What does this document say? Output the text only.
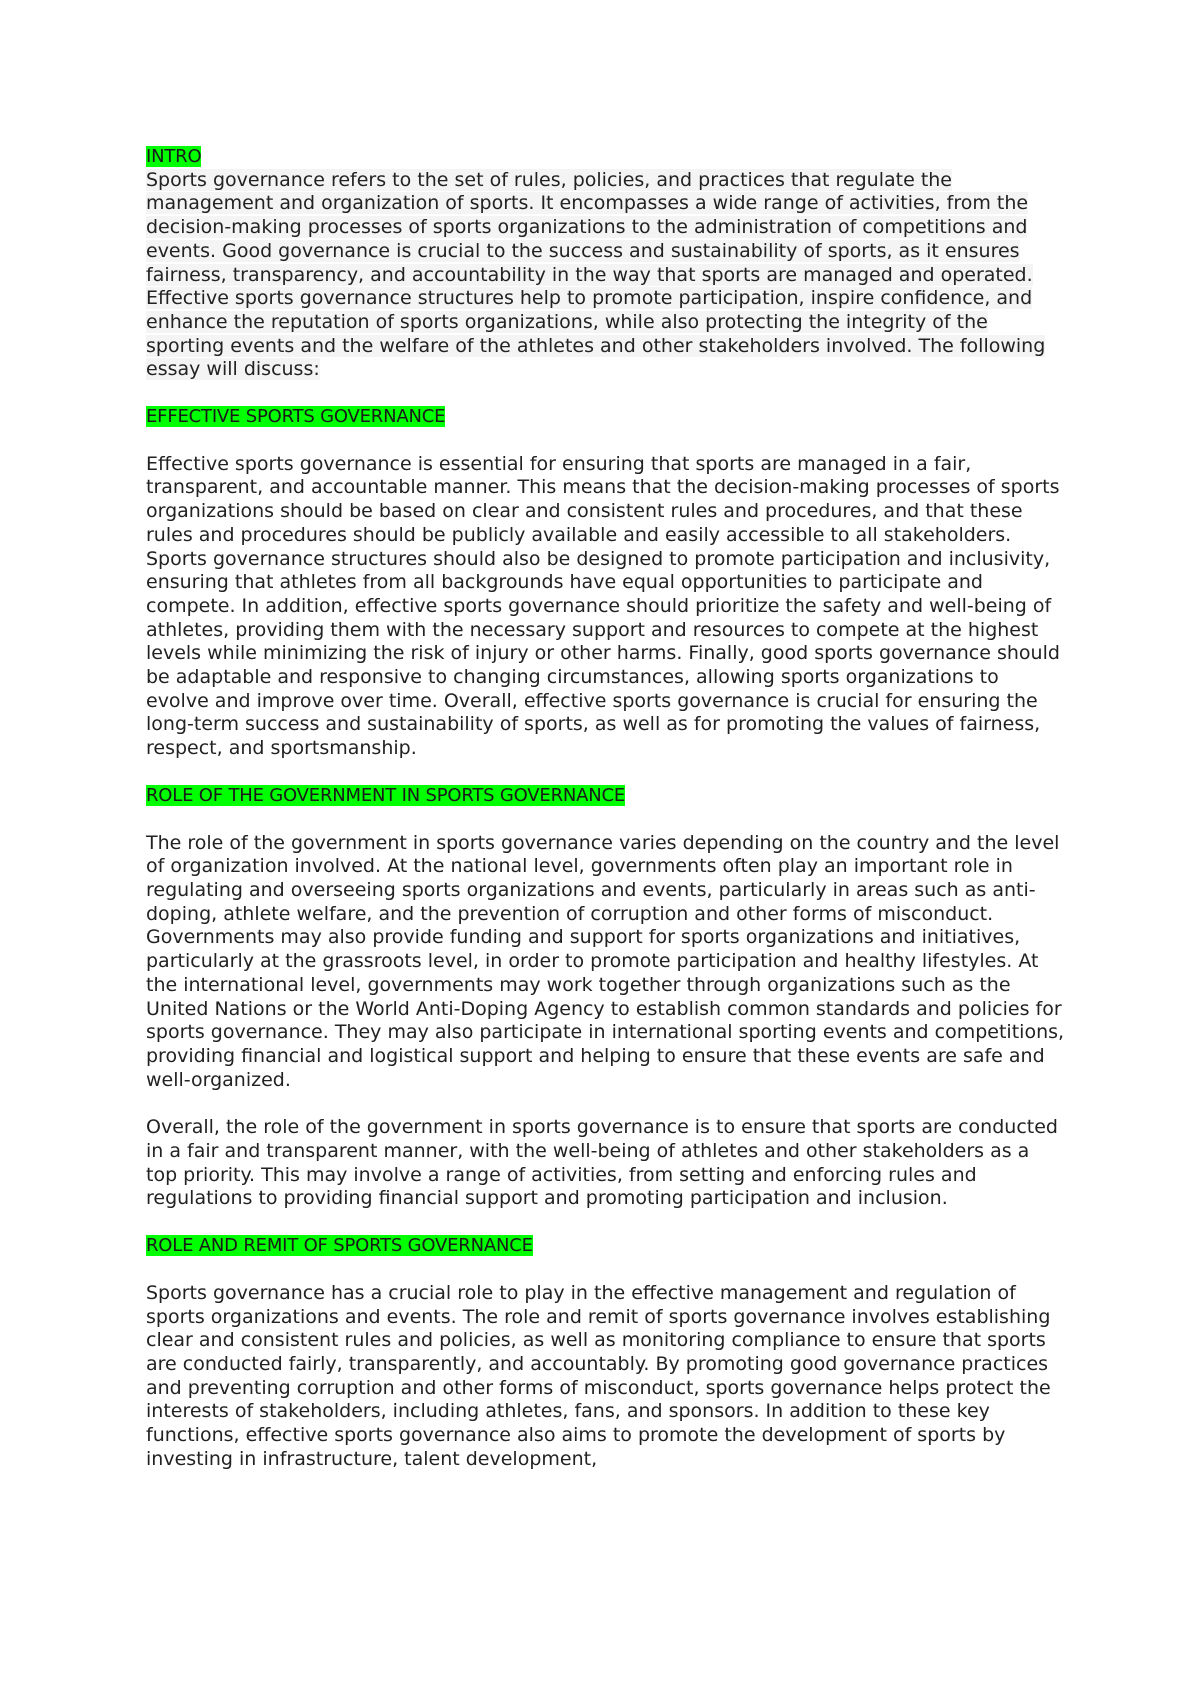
INTRO

Sports governance refers to the set of rules, policies, and practices that regulate the management and organization of sports. It encompasses a wide range of activities, from the decision-making processes of sports organizations to the administration of competitions and events. Good governance is crucial to the success and sustainability of sports, as it ensures fairness, transparency, and accountability in the way that sports are managed and operated. Effective sports governance structures help to promote participation, inspire confidence, and enhance the reputation of sports organizations, while also protecting the integrity of the sporting events and the welfare of the athletes and other stakeholders involved. The following essay will discuss:

EFFECTIVE SPORTS GOVERNANCE

Effective sports governance is essential for ensuring that sports are managed in a fair, transparent, and accountable manner. This means that the decision-making processes of sports organizations should be based on clear and consistent rules and procedures, and that these rules and procedures should be publicly available and easily accessible to all stakeholders. Sports governance structures should also be designed to promote participation and inclusivity, ensuring that athletes from all backgrounds have equal opportunities to participate and compete. In addition, effective sports governance should prioritize the safety and well-being of athletes, providing them with the necessary support and resources to compete at the highest levels while minimizing the risk of injury or other harms. Finally, good sports governance should be adaptable and responsive to changing circumstances, allowing sports organizations to evolve and improve over time. Overall, effective sports governance is crucial for ensuring the long-term success and sustainability of sports, as well as for promoting the values of fairness, respect, and sportsmanship.

ROLE OF THE GOVERNMENT IN SPORTS GOVERNANCE

The role of the government in sports governance varies depending on the country and the level of organization involved. At the national level, governments often play an important role in regulating and overseeing sports organizations and events, particularly in areas such as anti-doping, athlete welfare, and the prevention of corruption and other forms of misconduct. Governments may also provide funding and support for sports organizations and initiatives, particularly at the grassroots level, in order to promote participation and healthy lifestyles. At the international level, governments may work together through organizations such as the United Nations or the World Anti-Doping Agency to establish common standards and policies for sports governance. They may also participate in international sporting events and competitions, providing financial and logistical support and helping to ensure that these events are safe and well-organized.

Overall, the role of the government in sports governance is to ensure that sports are conducted in a fair and transparent manner, with the well-being of athletes and other stakeholders as a top priority. This may involve a range of activities, from setting and enforcing rules and regulations to providing financial support and promoting participation and inclusion.

ROLE AND REMIT OF SPORTS GOVERNANCE

Sports governance has a crucial role to play in the effective management and regulation of sports organizations and events. The role and remit of sports governance involves establishing clear and consistent rules and policies, as well as monitoring compliance to ensure that sports are conducted fairly, transparently, and accountably. By promoting good governance practices and preventing corruption and other forms of misconduct, sports governance helps protect the interests of stakeholders, including athletes, fans, and sponsors. In addition to these key functions, effective sports governance also aims to promote the development of sports by investing in infrastructure, talent development,
